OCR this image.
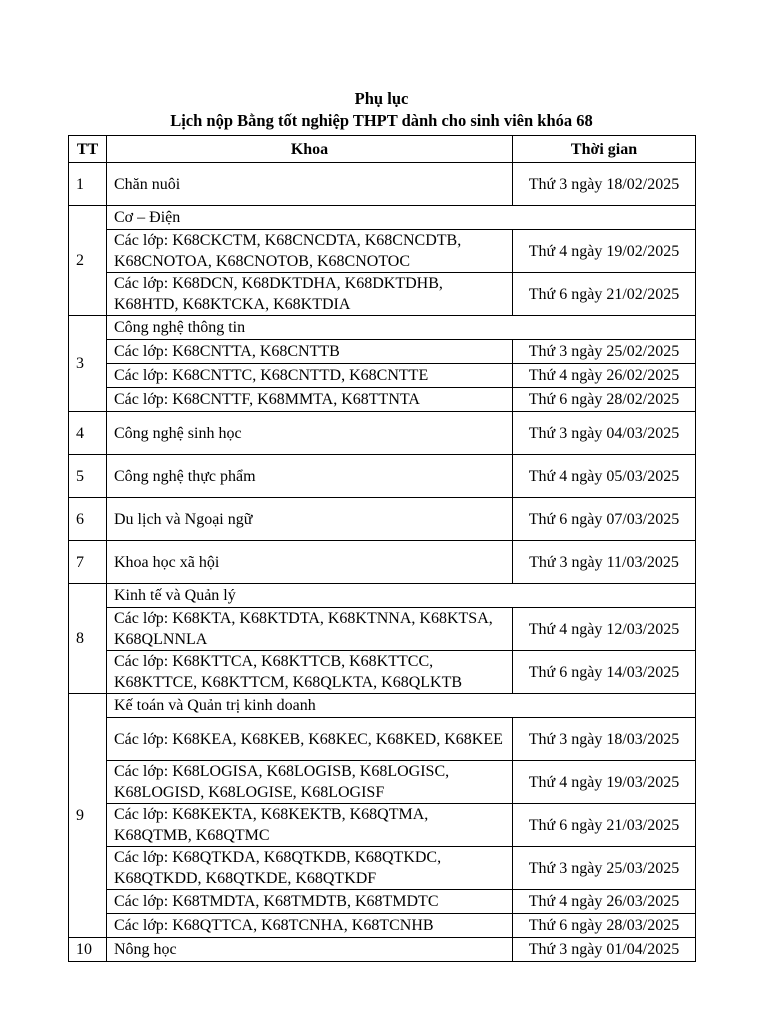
Phụ lục
Lịch nộp Bằng tốt nghiệp THPT dành cho sinh viên khóa 68
TT	Khoa	Thời gian
1	Chăn nuôi	Thứ 3 ngày 18/02/2025
2	Cơ – Điện	
	Các lớp: K68CKCTM, K68CNCDTA, K68CNCDTB, K68CNOTOA, K68CNOTOB, K68CNOTOC	Thứ 4 ngày 19/02/2025
	Các lớp: K68DCN, K68DKTDHA, K68DKTDHB, K68HTD, K68KTCKA, K68KTDIA	Thứ 6 ngày 21/02/2025
3	Công nghệ thông tin	
	Các lớp: K68CNTTA, K68CNTTB	Thứ 3 ngày 25/02/2025
	Các lớp: K68CNTTC, K68CNTTD, K68CNTTE	Thứ 4 ngày 26/02/2025
	Các lớp: K68CNTTF, K68MMTA, K68TTNTA	Thứ 6 ngày 28/02/2025
4	Công nghệ sinh học	Thứ 3 ngày 04/03/2025
5	Công nghệ thực phẩm	Thứ 4 ngày 05/03/2025
6	Du lịch và Ngoại ngữ	Thứ 6 ngày 07/03/2025
7	Khoa học xã hội	Thứ 3 ngày 11/03/2025
8	Kinh tế và Quản lý	
	Các lớp: K68KTA, K68KTDTA, K68KTNNA, K68KTSA, K68QLNNLA	Thứ 4 ngày 12/03/2025
	Các lớp: K68KTTCA, K68KTTCB, K68KTTCC, K68KTTCE, K68KTTCM, K68QLKTA, K68QLKTB	Thứ 6 ngày 14/03/2025
9	Kế toán và Quản trị kinh doanh	
	Các lớp: K68KEA, K68KEB, K68KEC, K68KED, K68KEE	Thứ 3 ngày 18/03/2025
	Các lớp: K68LOGISA, K68LOGISB, K68LOGISC, K68LOGISD, K68LOGISE, K68LOGISF	Thứ 4 ngày 19/03/2025
	Các lớp: K68KEKTA, K68KEKTB, K68QTMA, K68QTMB, K68QTMC	Thứ 6 ngày 21/03/2025
	Các lớp: K68QTKDA, K68QTKDB, K68QTKDC, K68QTKDD, K68QTKDE, K68QTKDF	Thứ 3 ngày 25/03/2025
	Các lớp: K68TMDTA, K68TMDTB, K68TMDTC	Thứ 4 ngày 26/03/2025
	Các lớp: K68QTTCA, K68TCNHA, K68TCNHB	Thứ 6 ngày 28/03/2025
10	Nông học	Thứ 3 ngày 01/04/2025
